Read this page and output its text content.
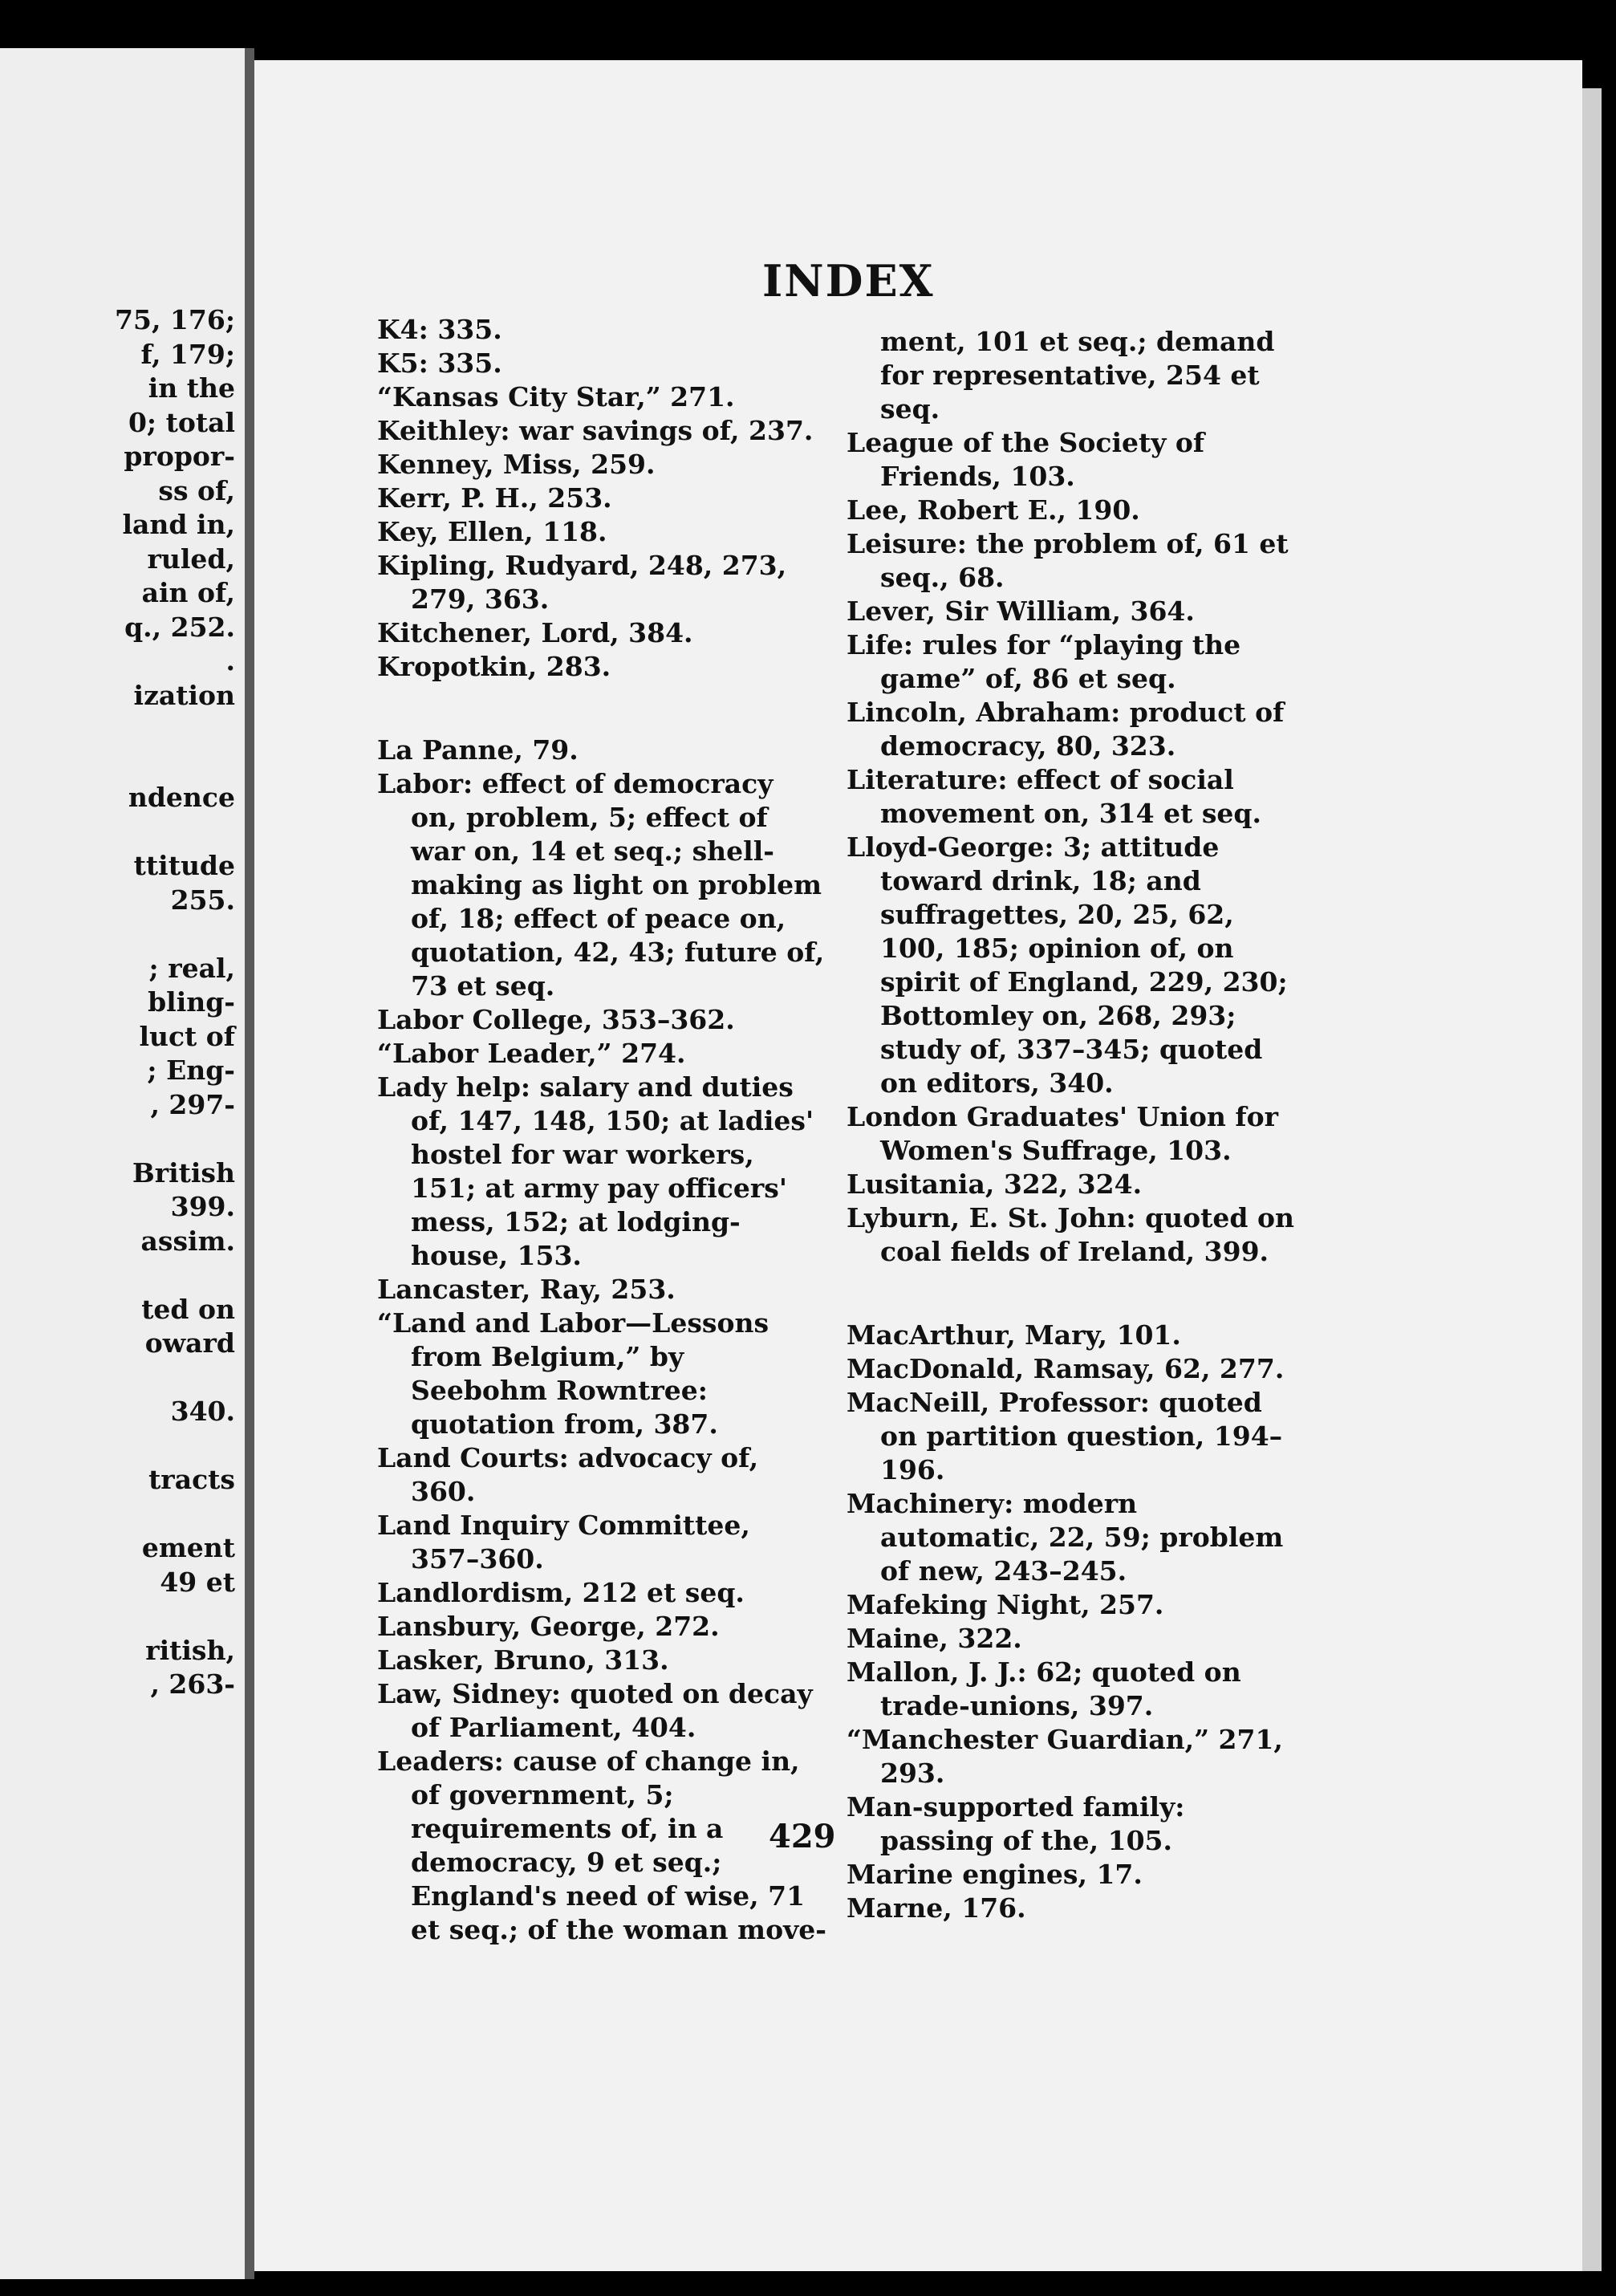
75, 176;
f, 179;
in the
0; total
propor-
ss of,
land in,
ruled,
ain of,
q., 252.
.
ization

ndence

ttitude
255.

; real,
bling-
luct of
; Eng-
, 297-

British
399.
assim.

ted on
oward

340.

tracts

ement
49 et

ritish,
, 263-
INDEX
K4: 335.
K5: 335.
“Kansas City Star,” 271.
Keithley: war savings of, 237.
Kenney, Miss, 259.
Kerr, P. H., 253.
Key, Ellen, 118.
Kipling, Rudyard, 248, 273, 279, 363.
Kitchener, Lord, 384.
Kropotkin, 283.
La Panne, 79.
Labor: effect of democracy on, problem, 5; effect of war on, 14 et seq.; shell-making as light on problem of, 18; effect of peace on, quotation, 42, 43; future of, 73 et seq.
Labor College, 353–362.
“Labor Leader,” 274.
Lady help: salary and duties of, 147, 148, 150; at ladies' hostel for war workers, 151; at army pay officers' mess, 152; at lodging-house, 153.
Lancaster, Ray, 253.
“Land and Labor—Lessons from Belgium,” by Seebohm Rowntree: quotation from, 387.
Land Courts: advocacy of, 360.
Land Inquiry Committee, 357–360.
Landlordism, 212 et seq.
Lansbury, George, 272.
Lasker, Bruno, 313.
Law, Sidney: quoted on decay of Parliament, 404.
Leaders: cause of change in, of government, 5; requirements of, in a democracy, 9 et seq.; England's need of wise, 71 et seq.; of the woman move-
ment, 101 et seq.; demand for representative, 254 et seq.
League of the Society of Friends, 103.
Lee, Robert E., 190.
Leisure: the problem of, 61 et seq., 68.
Lever, Sir William, 364.
Life: rules for “playing the game” of, 86 et seq.
Lincoln, Abraham: product of democracy, 80, 323.
Literature: effect of social movement on, 314 et seq.
Lloyd-George: 3; attitude toward drink, 18; and suffragettes, 20, 25, 62, 100, 185; opinion of, on spirit of England, 229, 230; Bottomley on, 268, 293; study of, 337–345; quoted on editors, 340.
London Graduates' Union for Women's Suffrage, 103.
Lusitania, 322, 324.
Lyburn, E. St. John: quoted on coal fields of Ireland, 399.
MacArthur, Mary, 101.
MacDonald, Ramsay, 62, 277.
MacNeill, Professor: quoted on partition question, 194–196.
Machinery: modern automatic, 22, 59; problem of new, 243–245.
Mafeking Night, 257.
Maine, 322.
Mallon, J. J.: 62; quoted on trade-unions, 397.
“Manchester Guardian,” 271, 293.
Man-supported family: passing of the, 105.
Marine engines, 17.
Marne, 176.

429
